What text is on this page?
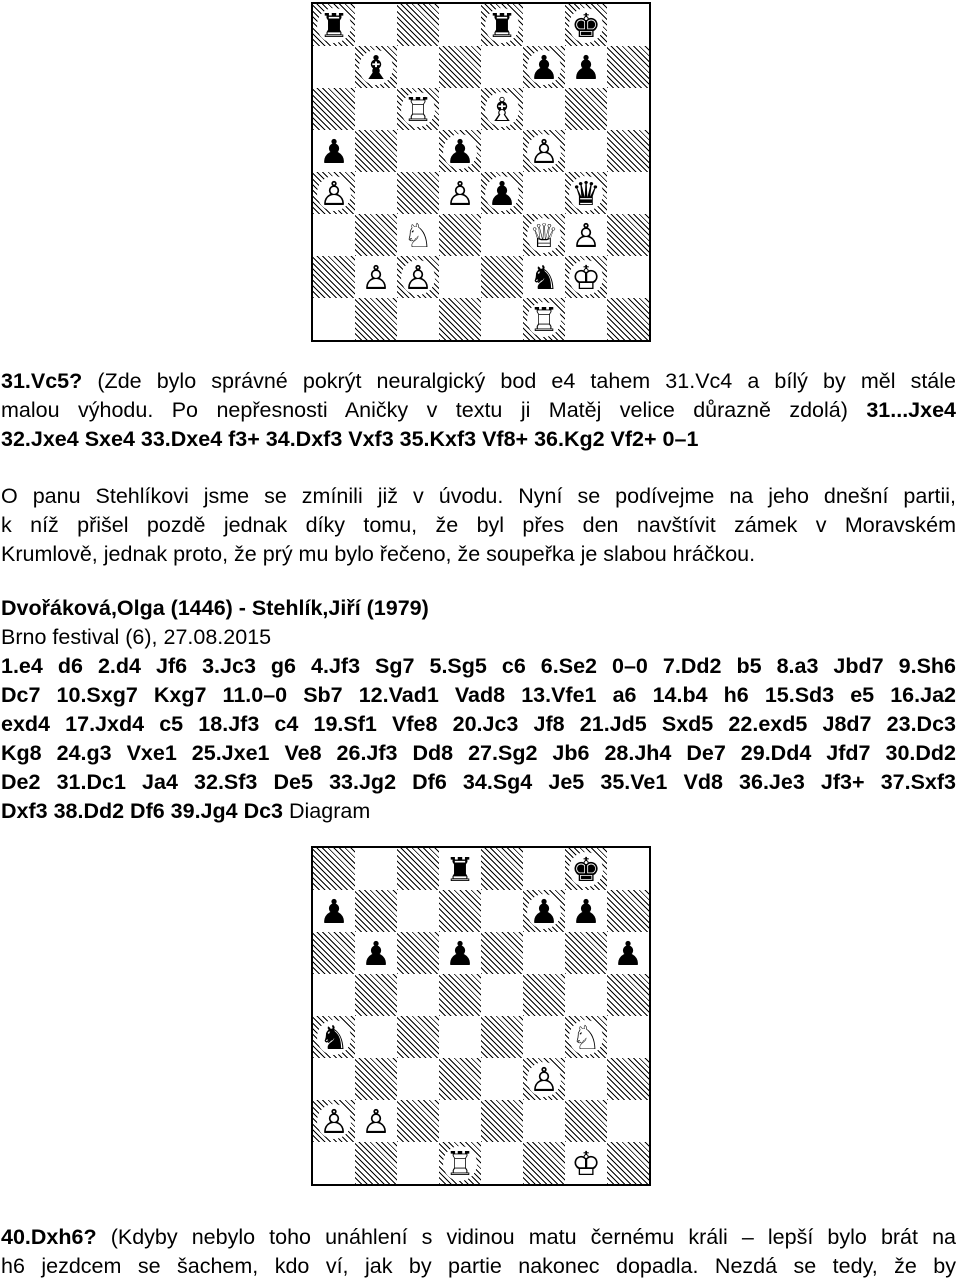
♜	♜ ♚
♝	♟ ♟
♖ ♗
♟	♟ ♙
♙	♙ ♟ ♛
♘	♕ ♙
♙ ♙	♞ ♔
♖
31.Vc5? (Zde bylo správné pokrýt neuralgický bod e4 tahem 31.Vc4 a bílý by měl stále
malou výhodu. Po nepřesnosti Aničky v textu ji Matěj velice důrazně zdolá) 31...Jxe4
32.Jxe4 Sxe4 33.Dxe4 f3+ 34.Dxf3 Vxf3 35.Kxf3 Vf8+ 36.Kg2 Vf2+ 0–1
O panu Stehlíkovi jsme se zmínili již v úvodu. Nyní se podívejme na jeho dnešní partii,
k níž přišel pozdě jednak díky tomu, že byl přes den navštívit zámek v Moravském
Krumlově, jednak proto, že prý mu bylo řečeno, že soupeřka je slabou hráčkou.
Dvořáková,Olga (1446) - Stehlík,Jiří (1979)
Brno festival (6), 27.08.2015
1.e4 d6 2.d4 Jf6 3.Jc3 g6 4.Jf3 Sg7 5.Sg5 c6 6.Se2 0–0 7.Dd2 b5 8.a3 Jbd7 9.Sh6
Dc7 10.Sxg7 Kxg7 11.0–0 Sb7 12.Vad1 Vad8 13.Vfe1 a6 14.b4 h6 15.Sd3 e5 16.Ja2
exd4 17.Jxd4 c5 18.Jf3 c4 19.Sf1 Vfe8 20.Jc3 Jf8 21.Jd5 Sxd5 22.exd5 J8d7 23.Dc3
Kg8 24.g3 Vxe1 25.Jxe1 Ve8 26.Jf3 Dd8 27.Sg2 Jb6 28.Jh4 De7 29.Dd4 Jfd7 30.Dd2
De2 31.Dc1 Ja4 32.Sf3 De5 33.Jg2 Df6 34.Sg4 Je5 35.Ve1 Vd8 36.Je3 Jf3+ 37.Sxf3
Dxf3 38.Dd2 Df6 39.Jg4 Dc3 Diagram
♜	♚
♟	♟ ♟
♟ ♟	♟
♞	♘
♙
♙ ♙
♖	♔
40.Dxh6? (Kdyby nebylo toho unáhlení s vidinou matu černému králi – lepší bylo brát na
h6 jezdcem se šachem, kdo ví, jak by partie nakonec dopadla. Nezdá se tedy, že by
